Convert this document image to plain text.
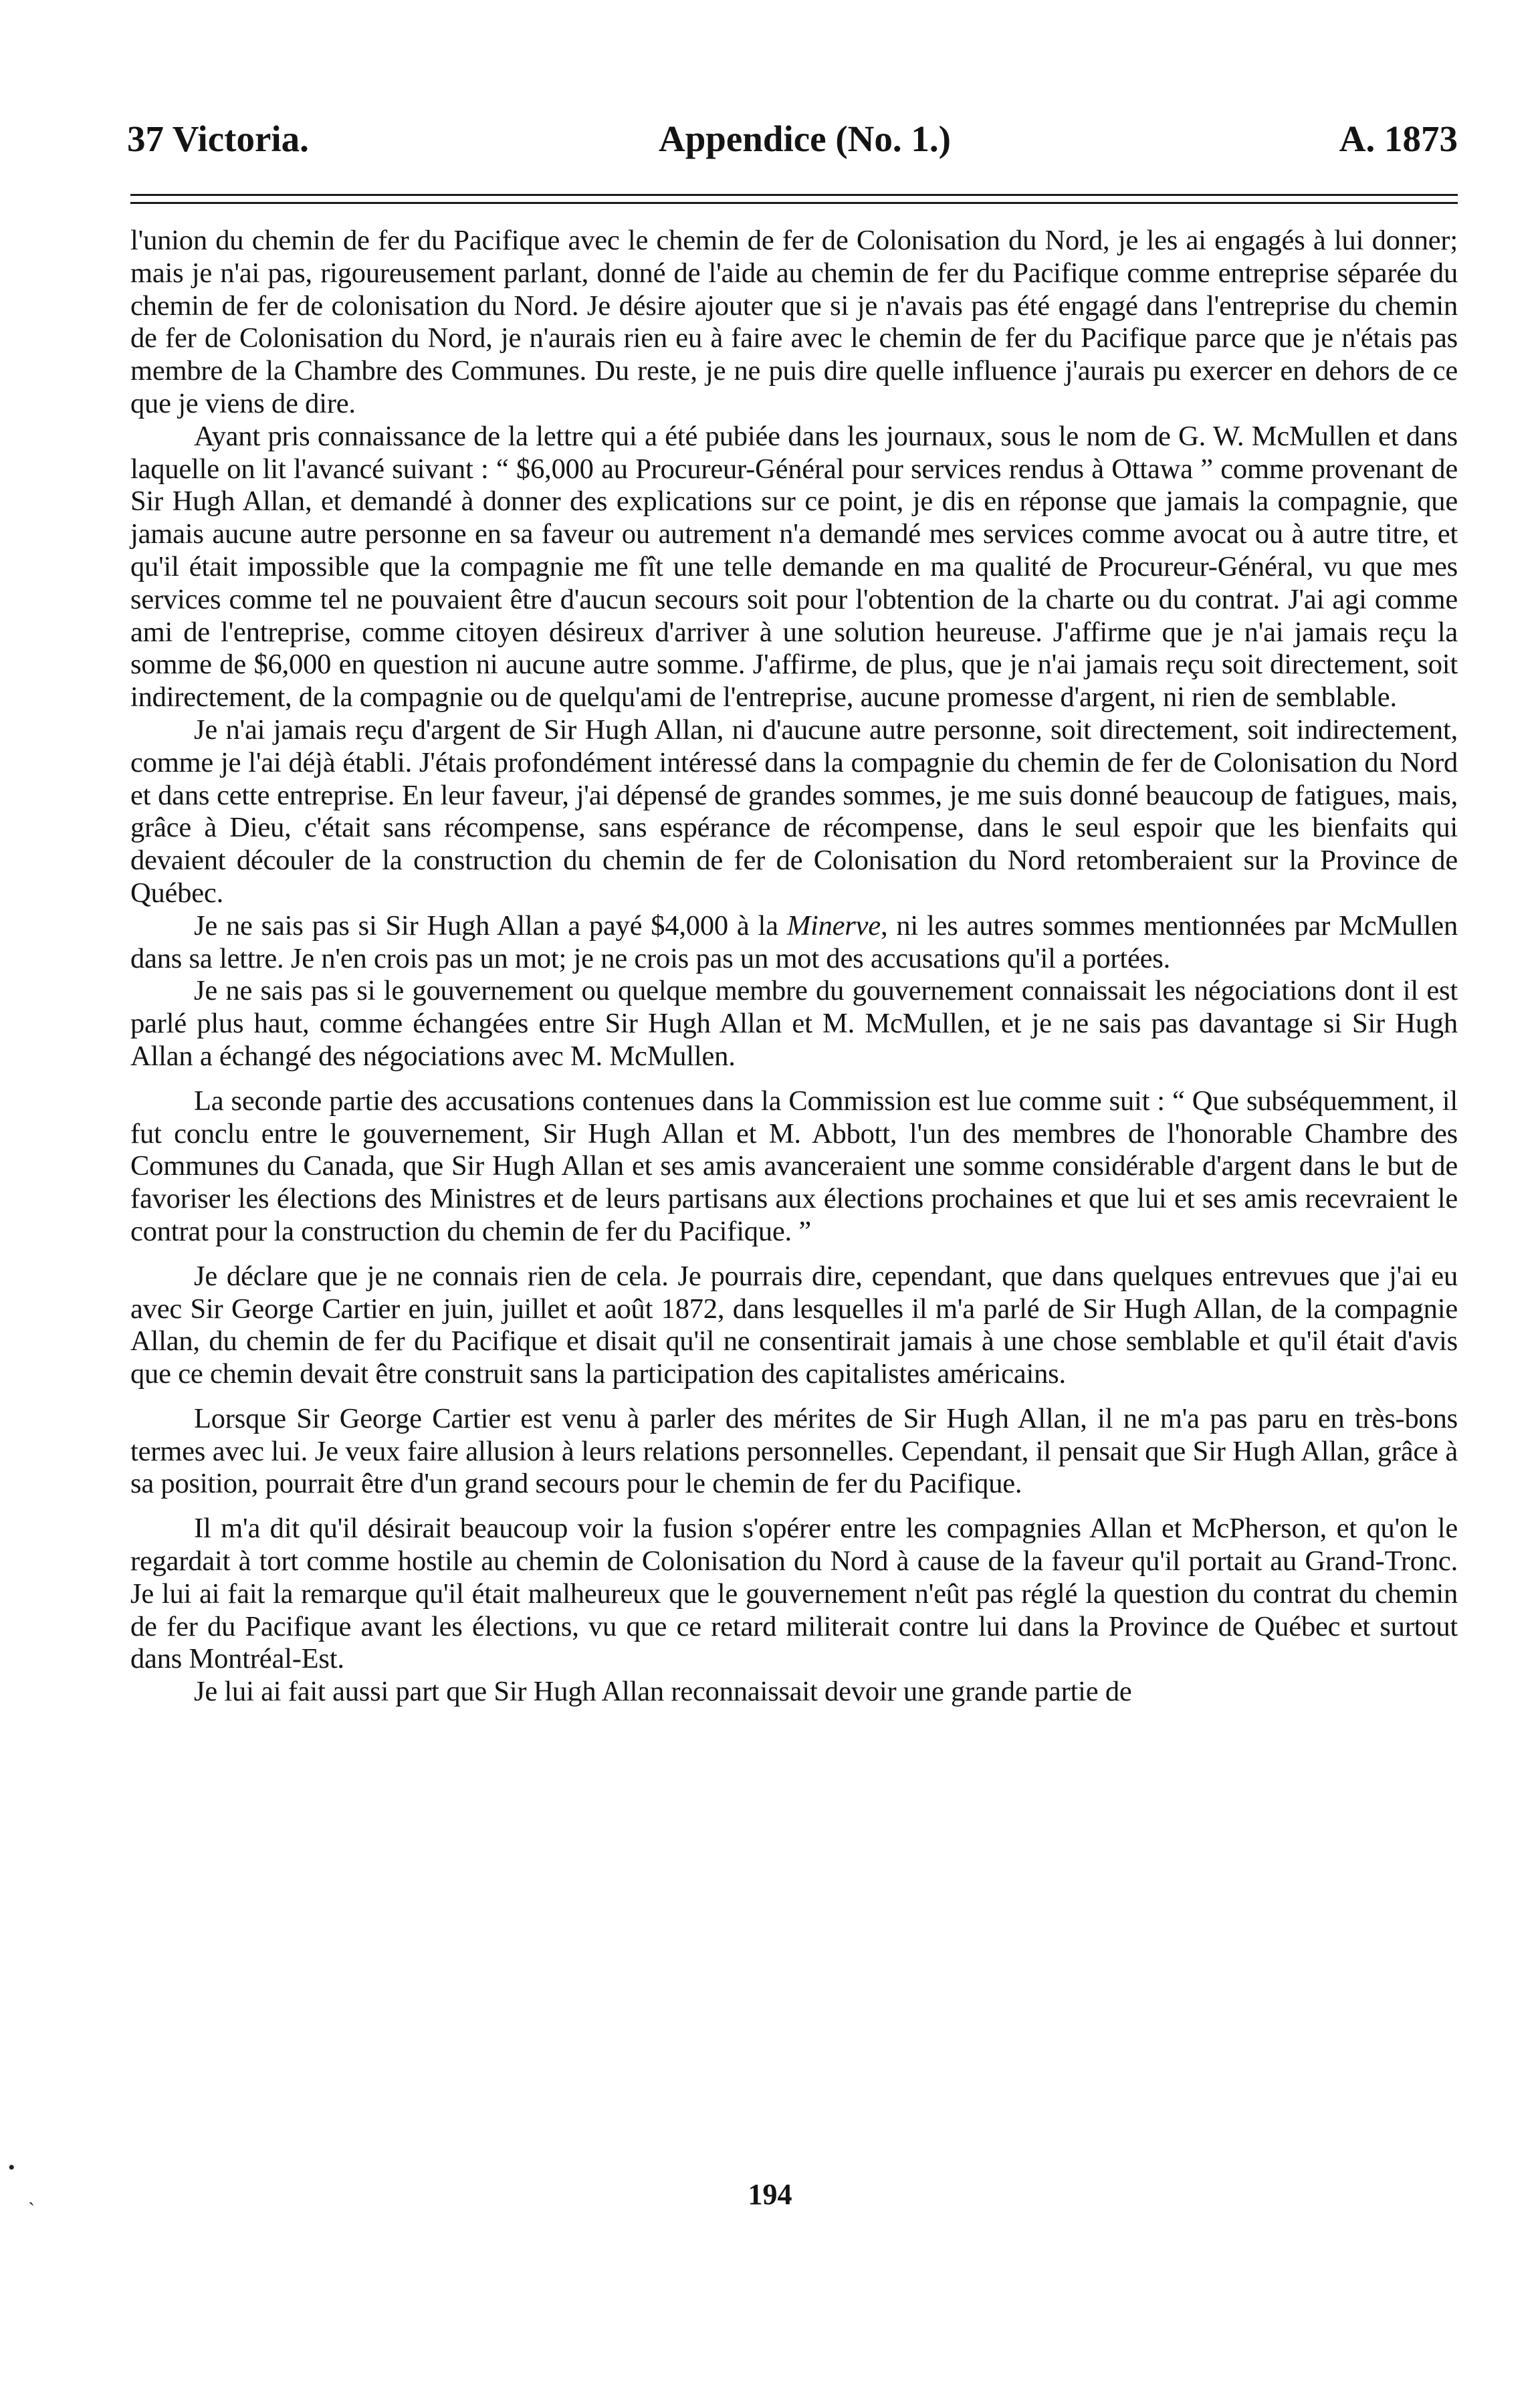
37 Victoria.	Appendice (No. 1.)	A. 1873

l'union du chemin de fer du Pacifique avec le chemin de fer de Colonisation du Nord, je les ai engagés à lui donner; mais je n'ai pas, rigoureusement parlant, donné de l'aide au chemin de fer du Pacifique comme entreprise séparée du chemin de fer de colonisation du Nord. Je désire ajouter que si je n'avais pas été engagé dans l'entreprise du chemin de fer de Colonisation du Nord, je n'aurais rien eu à faire avec le chemin de fer du Pacifique parce que je n'étais pas membre de la Chambre des Communes. Du reste, je ne puis dire quelle influence j'aurais pu exercer en dehors de ce que je viens de dire.

Ayant pris connaissance de la lettre qui a été pubiée dans les journaux, sous le nom de G. W. McMullen et dans laquelle on lit l'avancé suivant : “ $6,000 au Procureur-Général pour services rendus à Ottawa ” comme provenant de Sir Hugh Allan, et demandé à donner des explications sur ce point, je dis en réponse que jamais la compagnie, que jamais aucune autre personne en sa faveur ou autrement n'a demandé mes services comme avocat ou à autre titre, et qu'il était impossible que la compagnie me fît une telle demande en ma qualité de Procureur-Général, vu que mes services comme tel ne pouvaient être d'aucun secours soit pour l'obtention de la charte ou du contrat. J'ai agi comme ami de l'entreprise, comme citoyen désireux d'arriver à une solution heureuse. J'affirme que je n'ai jamais reçu la somme de $6,000 en question ni aucune autre somme. J'affirme, de plus, que je n'ai jamais reçu soit directement, soit indirectement, de la compagnie ou de quelqu'ami de l'entreprise, aucune promesse d'argent, ni rien de semblable.

Je n'ai jamais reçu d'argent de Sir Hugh Allan, ni d'aucune autre personne, soit directement, soit indirectement, comme je l'ai déjà établi. J'étais profondément intéressé dans la compagnie du chemin de fer de Colonisation du Nord et dans cette entreprise. En leur faveur, j'ai dépensé de grandes sommes, je me suis donné beaucoup de fatigues, mais, grâce à Dieu, c'était sans récompense, sans espérance de récompense, dans le seul espoir que les bienfaits qui devaient découler de la construction du chemin de fer de Colonisation du Nord retomberaient sur la Province de Québec.

Je ne sais pas si Sir Hugh Allan a payé $4,000 à la Minerve, ni les autres sommes mentionnées par McMullen dans sa lettre. Je n'en crois pas un mot; je ne crois pas un mot des accusations qu'il a portées.

Je ne sais pas si le gouvernement ou quelque membre du gouvernement connaissait les négociations dont il est parlé plus haut, comme échangées entre Sir Hugh Allan et M. McMullen, et je ne sais pas davantage si Sir Hugh Allan a échangé des négociations avec M. McMullen.

La seconde partie des accusations contenues dans la Commission est lue comme suit : “ Que subséquemment, il fut conclu entre le gouvernement, Sir Hugh Allan et M. Abbott, l'un des membres de l'honorable Chambre des Communes du Canada, que Sir Hugh Allan et ses amis avanceraient une somme considérable d'argent dans le but de favoriser les élections des Ministres et de leurs partisans aux élections prochaines et que lui et ses amis recevraient le contrat pour la construction du chemin de fer du Pacifique. ”

Je déclare que je ne connais rien de cela. Je pourrais dire, cependant, que dans quelques entrevues que j'ai eu avec Sir George Cartier en juin, juillet et août 1872, dans lesquelles il m'a parlé de Sir Hugh Allan, de la compagnie Allan, du chemin de fer du Pacifique et disait qu'il ne consentirait jamais à une chose semblable et qu'il était d'avis que ce chemin devait être construit sans la participation des capitalistes américains.

Lorsque Sir George Cartier est venu à parler des mérites de Sir Hugh Allan, il ne m'a pas paru en très-bons termes avec lui. Je veux faire allusion à leurs relations personnelles. Cependant, il pensait que Sir Hugh Allan, grâce à sa position, pourrait être d'un grand secours pour le chemin de fer du Pacifique.

Il m'a dit qu'il désirait beaucoup voir la fusion s'opérer entre les compagnies Allan et McPherson, et qu'on le regardait à tort comme hostile au chemin de Colonisation du Nord à cause de la faveur qu'il portait au Grand-Tronc. Je lui ai fait la remarque qu'il était malheureux que le gouvernement n'eût pas réglé la question du contrat du chemin de fer du Pacifique avant les élections, vu que ce retard militerait contre lui dans la Province de Québec et surtout dans Montréal-Est.

Je lui ai fait aussi part que Sir Hugh Allan reconnaissait devoir une grande partie de

194
•
`
